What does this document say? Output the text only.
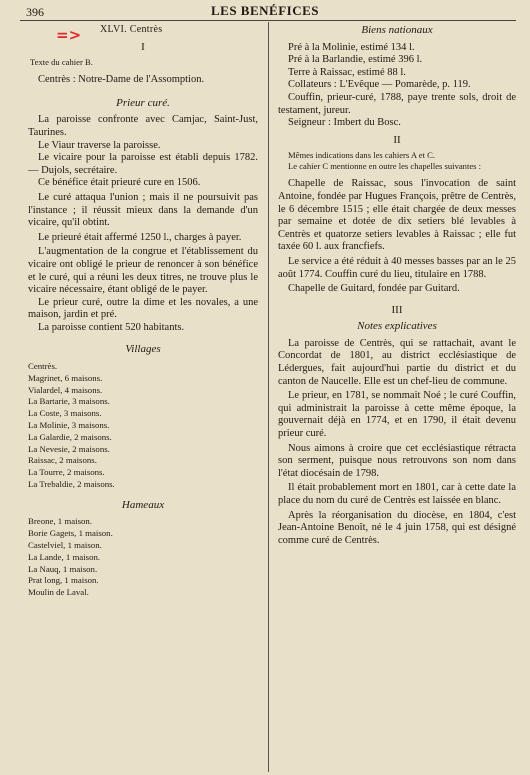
396	LES BENÉFICES
=> XLVI. Centrès

I

Texte du cahier B.

Centrès : Notre-Dame de l'Assomption.

Prieur curé.

La paroisse confronte avec Camjac, Saint-Just, Taurines.

Le Viaur traverse la paroisse.

Le vicaire pour la paroisse est établi depuis 1782. — Dujols, secrétaire.

Ce bénéfice était prieuré cure en 1506.

Le curé attaqua l'union ; mais il ne poursuivit pas l'instance ; il réussit mieux dans la demande d'un vicaire, qu'il obtint.

Le prieuré était affermé 1250 l., charges à payer.

L'augmentation de la congrue et l'établissement du vicaire ont obligé le prieur de renoncer à son bénéfice et le curé, qui a réuni les deux titres, ne trouve plus le vicaire nécessaire, étant obligé de le payer.

Le prieur curé, outre la dime et les novales, a une maison, jardin et pré.

La paroisse contient 520 habitants.

Villages

Centrès.

Magrinet, 6 maisons.

Vialardel, 4 maisons.

La Bartarie, 3 maisons.

La Coste, 3 maisons.

La Molinie, 3 maisons.

La Galardie, 2 maisons.

La Nevesie, 2 maisons.

Raissac, 2 maisons.

La Tourre, 2 maisons.

La Trebaldie, 2 maisons.

Hameaux

Breone, 1 maison.

Borie Gagets, 1 maison.

Castelviel, 1 maison.

La Lande, 1 maison.

La Nauq, 1 maison.

Prat long, 1 maison.

Moulin de Laval.

Biens nationaux

Pré à la Molinie, estimé 134 l.

Pré à la Barlandie, estimé 396 l.

Terre à Raissac, estimé 88 l.

Collateurs : L'Evêque — Pomarède, p. 119.

Couffin, prieur-curé, 1788, paye trente sols, droit de testament, jureur.

Seigneur : Imbert du Bosc.

II

Mêmes indications dans les cahiers A et C.

Le cahier C mentionne en outre les chapelles suivantes :

Chapelle de Raissac, sous l'invocation de saint Antoine, fondée par Hugues François, prêtre de Centrès, le 6 décembre 1515 ; elle était chargée de deux messes par semaine et dotée de dix setiers blé levables à Centrès et quatorze setiers levables à Raissac ; elle fut taxée 60 l. aux francfiefs.

Le service a été réduit à 40 messes basses par an le 25 août 1774. Couffin curé du lieu, titulaire en 1788.

Chapelle de Guitard, fondée par Guitard.

III

Notes explicatives

La paroisse de Centrès, qui se rattachait, avant le Concordat de 1801, au district ecclésiastique de Lédergues, fait aujourd'hui partie du district et du canton de Naucelle. Elle est un chef-lieu de commune.

Le prieur, en 1781, se nommait Noé ; le curé Couffin, qui administrait la paroisse à cette même époque, la gouvernait déjà en 1774, et en 1790, il était devenu prieur curé.

Nous aimons à croire que cet ecclésiastique rétracta son serment, puisque nous retrouvons son nom dans l'état diocésain de 1798.

Il était probablement mort en 1801, car à cette date la place du nom du curé de Centrès est laissée en blanc.

Après la réorganisation du diocèse, en 1804, c'est Jean-Antoine Benoît, né le 4 juin 1758, qui est désigné comme curé de Centrès.
